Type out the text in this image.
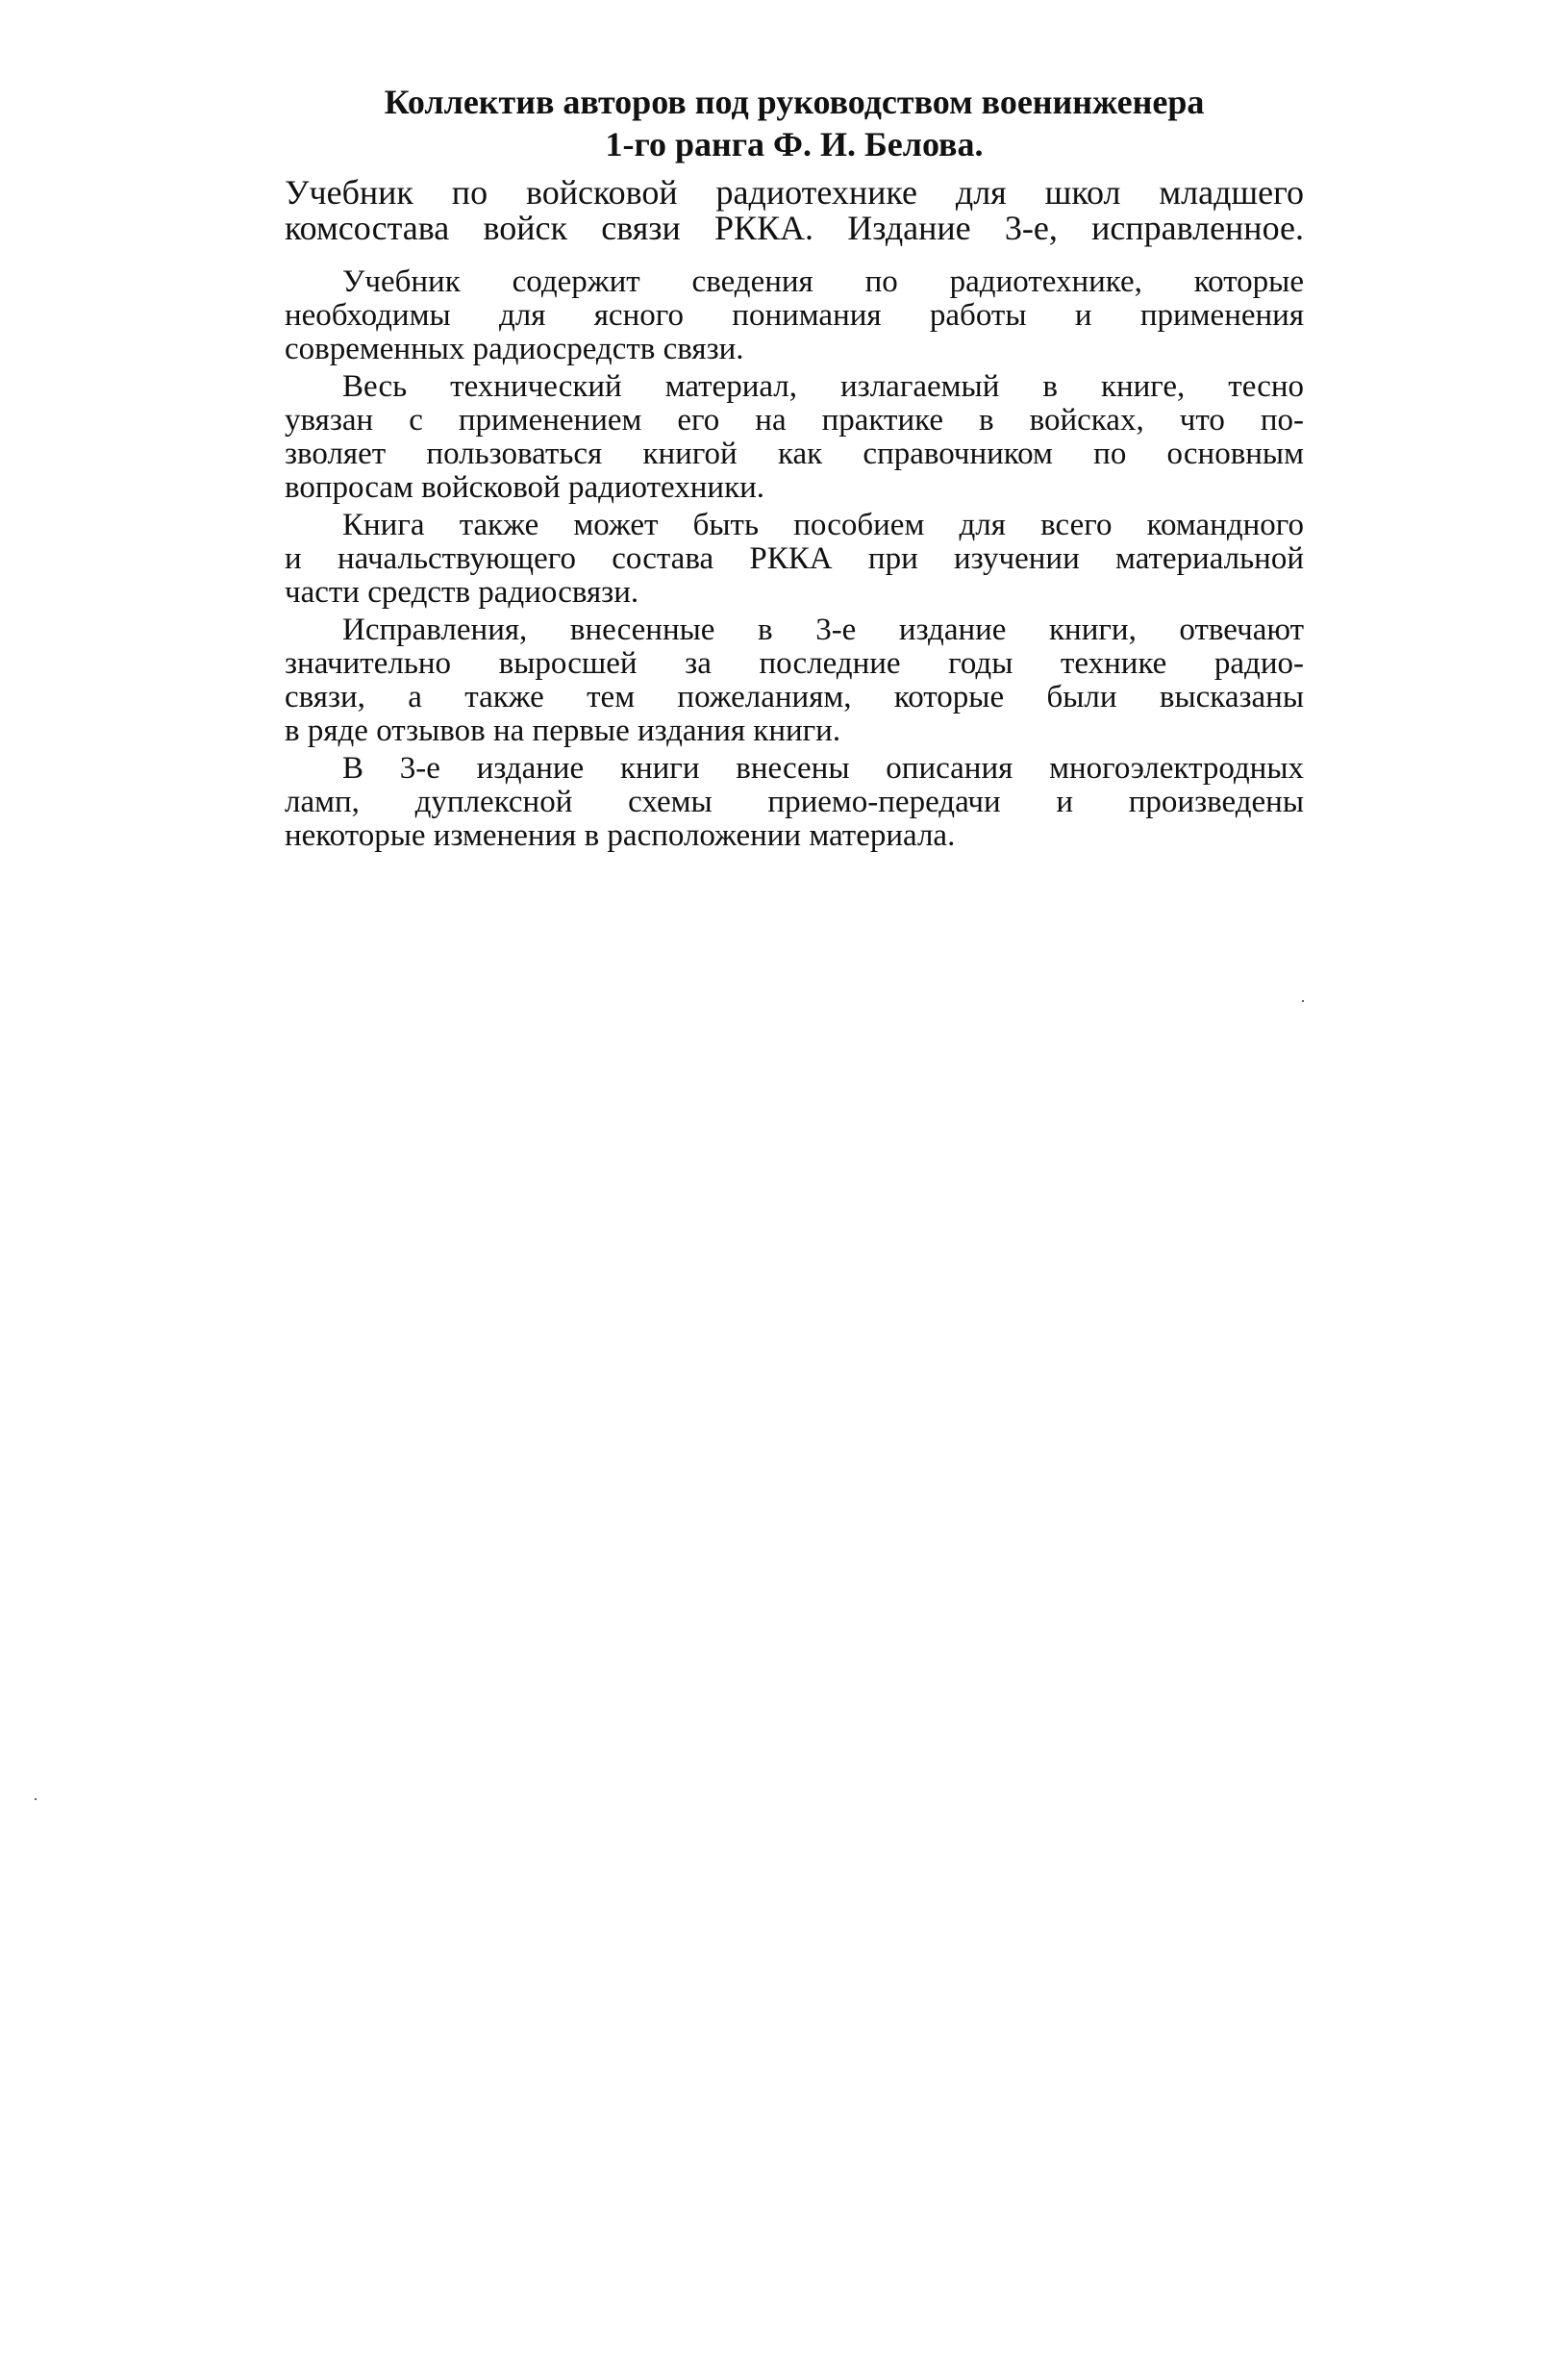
Коллектив авторов под руководством военинженера
1-го ранга Ф. И. Белова.
Учебник по войсковой радиотехнике для школ младшего
комсостава войск связи РККА. Издание 3-е, исправленное.
Учебник содержит сведения по радиотехнике, которые
необходимы для ясного понимания работы и применения
современных радиосредств связи.
Весь технический материал, излагаемый в книге, тесно
увязан с применением его на практике в войсках, что по-
зволяет пользоваться книгой как справочником по основным
вопросам войсковой радиотехники.
Книга также может быть пособием для всего командного
и начальствующего состава РККА при изучении материальной
части средств радиосвязи.
Исправления, внесенные в 3-е издание книги, отвечают
значительно выросшей за последние годы технике радио-
связи, а также тем пожеланиям, которые были высказаны
в ряде отзывов на первые издания книги.
В 3-е издание книги внесены описания многоэлектродных
ламп, дуплексной схемы приемо-передачи и произведены
некоторые изменения в расположении материала.
